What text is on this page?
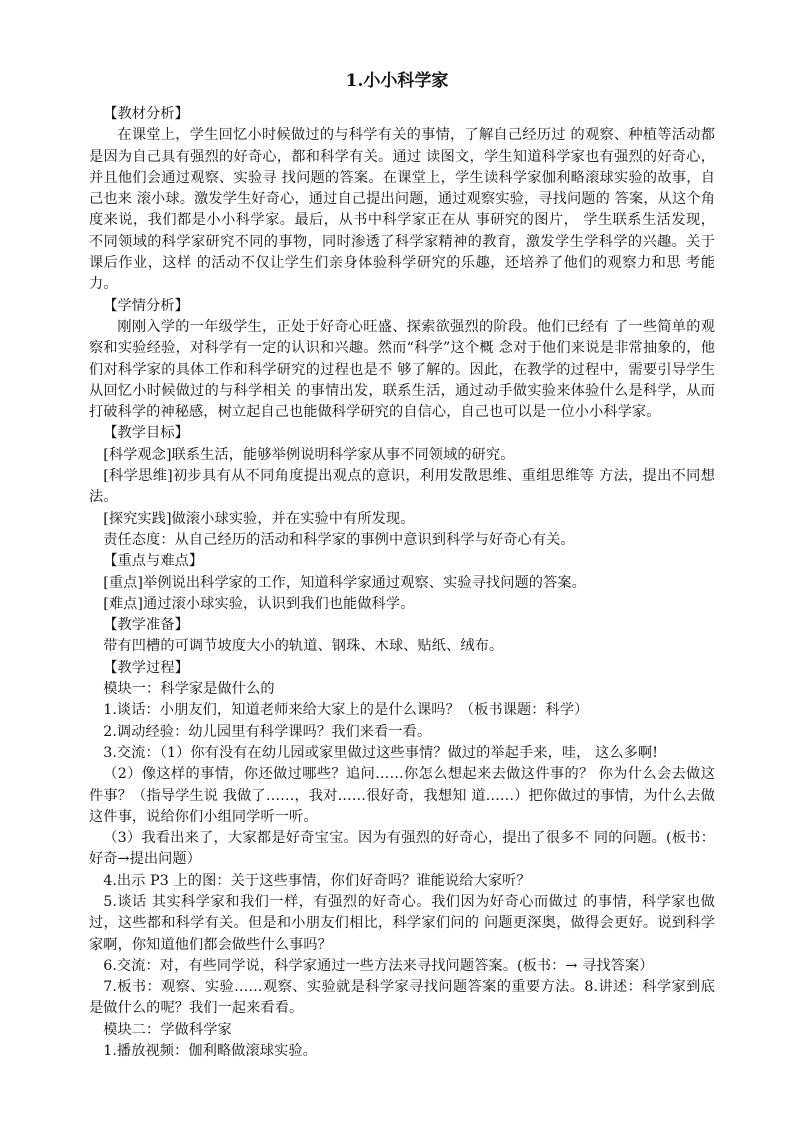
1.小小科学家

【教材分析】

在课堂上，学生回忆小时候做过的与科学有关的事情，了解自己经历过 的观察、种植等活动都是因为自己具有强烈的好奇心，都和科学有关。通过 读图文，学生知道科学家也有强烈的好奇心，并且他们会通过观察、实验寻 找问题的答案。在课堂上，学生读科学家伽利略滚球实验的故事，自己也来 滚小球。激发学生好奇心，通过自己提出问题，通过观察实验，寻找问题的 答案，从这个角度来说，我们都是小小科学家。最后，从书中科学家正在从 事研究的图片， 学生联系生活发现， 不同领域的科学家研究不同的事物，同时渗透了科学家精神的教育，激发学生学科学的兴趣。关于课后作业，这样 的活动不仅让学生们亲身体验科学研究的乐趣，还培养了他们的观察力和思 考能力。

【学情分析】

刚刚入学的一年级学生，正处于好奇心旺盛、探索欲强烈的阶段。他们已经有 了一些简单的观察和实验经验，对科学有一定的认识和兴趣。然而“科学”这个概 念对于他们来说是非常抽象的，他们对科学家的具体工作和科学研究的过程也是不 够了解的。因此，在教学的过程中，需要引导学生从回忆小时候做过的与科学相关 的事情出发，联系生活，通过动手做实验来体验什么是科学，从而打破科学的神秘感，树立起自己也能做科学研究的自信心，自己也可以是一位小小科学家。

【教学目标】

[科学观念]联系生活，能够举例说明科学家从事不同领域的研究。

[科学思维]初步具有从不同角度提出观点的意识，利用发散思维、重组思维等 方法，提出不同想法。

[探究实践]做滚小球实验，并在实验中有所发现。

责任态度：从自己经历的活动和科学家的事例中意识到科学与好奇心有关。

【重点与难点】

[重点]举例说出科学家的工作，知道科学家通过观察、实验寻找问题的答案。

[难点]通过滚小球实验，认识到我们也能做科学。

【教学准备】

带有凹槽的可调节坡度大小的轨道、钢珠、木球、贴纸、绒布。

【教学过程】

模块一：科学家是做什么的

1.谈话：小朋友们，知道老师来给大家上的是什么课吗？（板书课题：科学）

2.调动经验：幼儿园里有科学课吗？我们来看一看。

3.交流：（1）你有没有在幼儿园或家里做过这些事情？做过的举起手来，哇， 这么多啊!

（2）像这样的事情，你还做过哪些？追问……你怎么想起来去做这件事的？ 你为什么会去做这件事？（指导学生说 我做了……，我对……很好奇，我想知 道……）把你做过的事情，为什么去做这件事，说给你们小组同学听一听。

（3）我看出来了，大家都是好奇宝宝。因为有强烈的好奇心，提出了很多不 同的问题。(板书：好奇→提出问题）

4.出示 P3 上的图：关于这些事情，你们好奇吗？谁能说给大家听？

5.谈话 其实科学家和我们一样，有强烈的好奇心。我们因为好奇心而做过 的事情，科学家也做过，这些都和科学有关。但是和小朋友们相比，科学家们问的 问题更深奥，做得会更好。说到科学家啊，你知道他们都会做些什么事吗？

6.交流：对，有些同学说，科学家通过一些方法来寻找问题答案。(板书：→ 寻找答案）

7.板书：观察、实验……观察、实验就是科学家寻找问题答案的重要方法。8.讲述：科学家到底是做什么的呢？我们一起来看看。

模块二：学做科学家

1.播放视频：伽利略做滚球实验。
